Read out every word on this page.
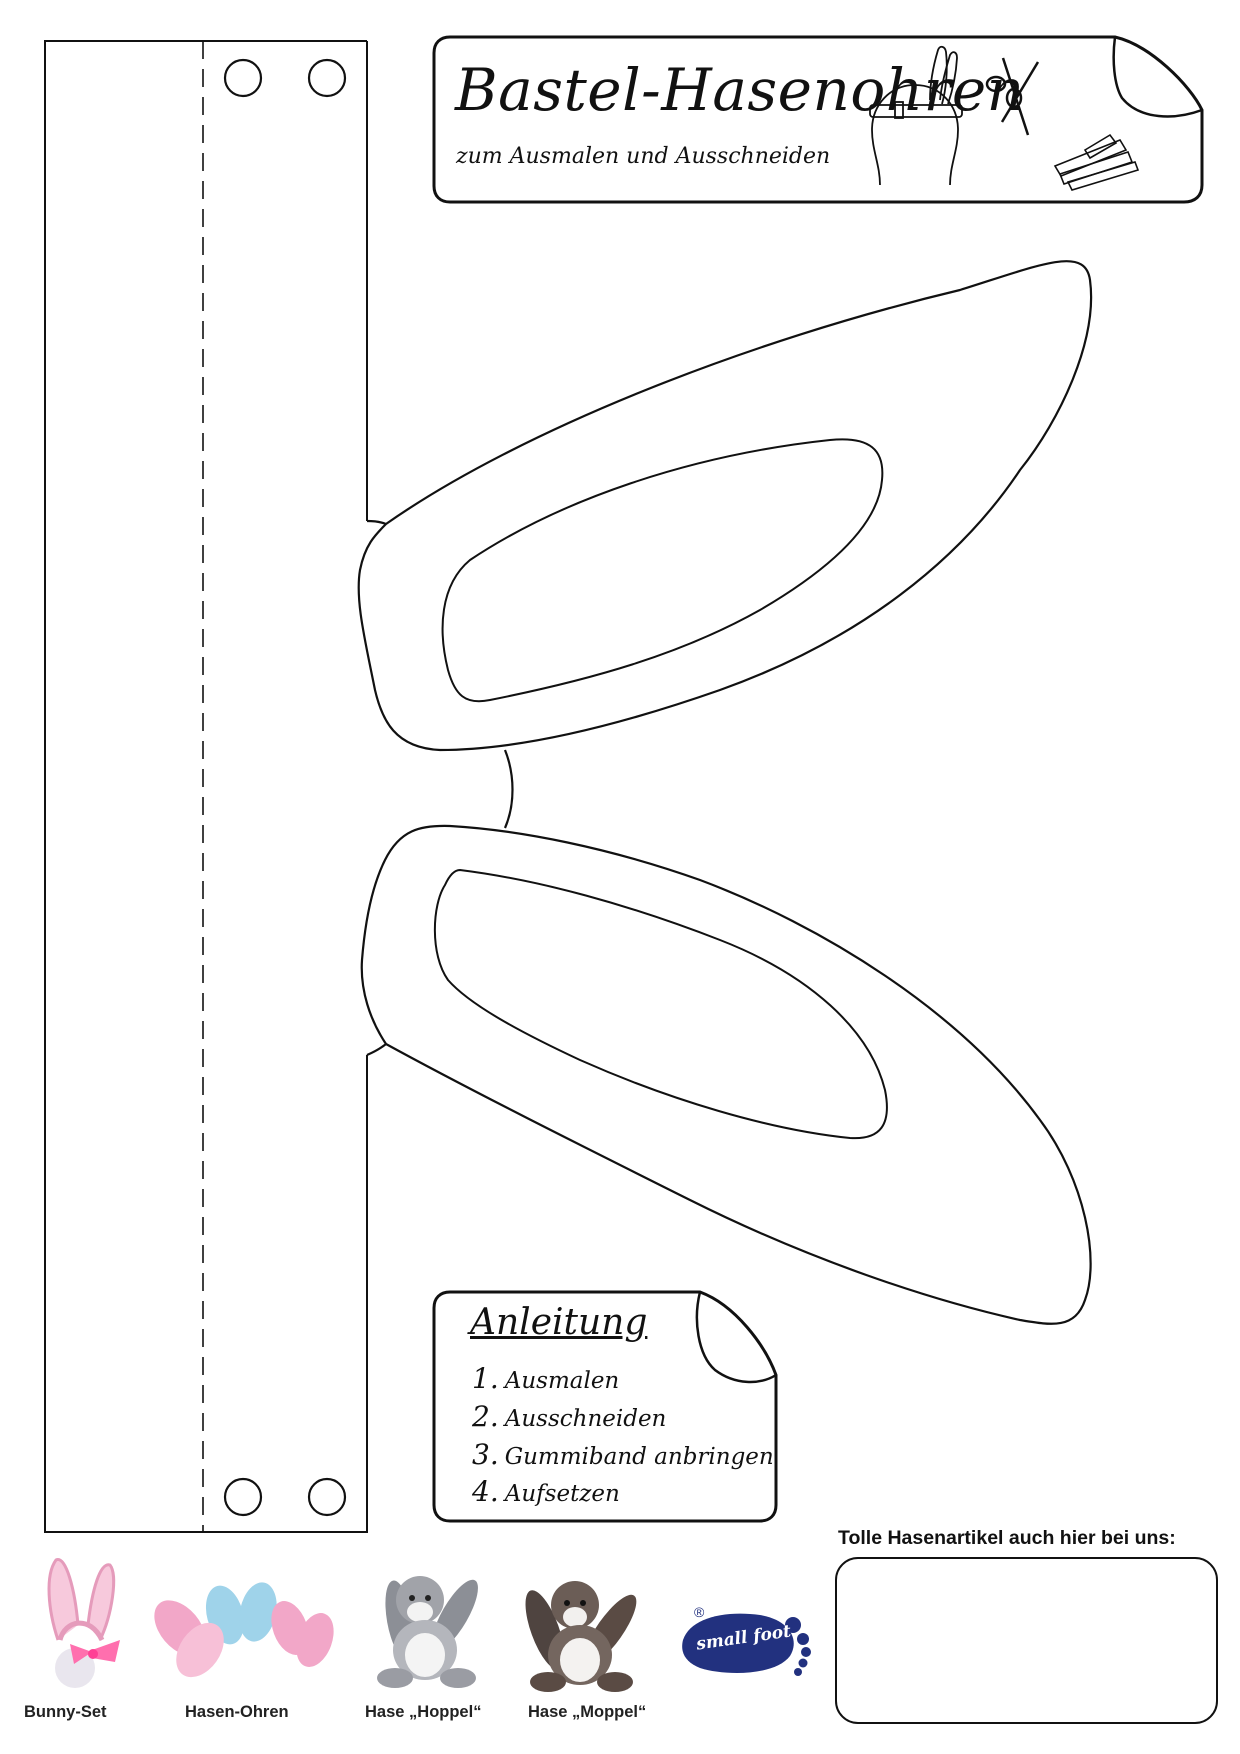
Bastel-Hasenohren
zum Ausmalen und Ausschneiden
Anleitung
1. Ausmalen
2. Ausschneiden
3. Gummiband anbringen
4. Aufsetzen
Tolle Hasenartikel auch hier bei uns:
®
small foot
Bunny-Set	Hasen-Ohren	Hase „Hoppel“	Hase „Moppel“
